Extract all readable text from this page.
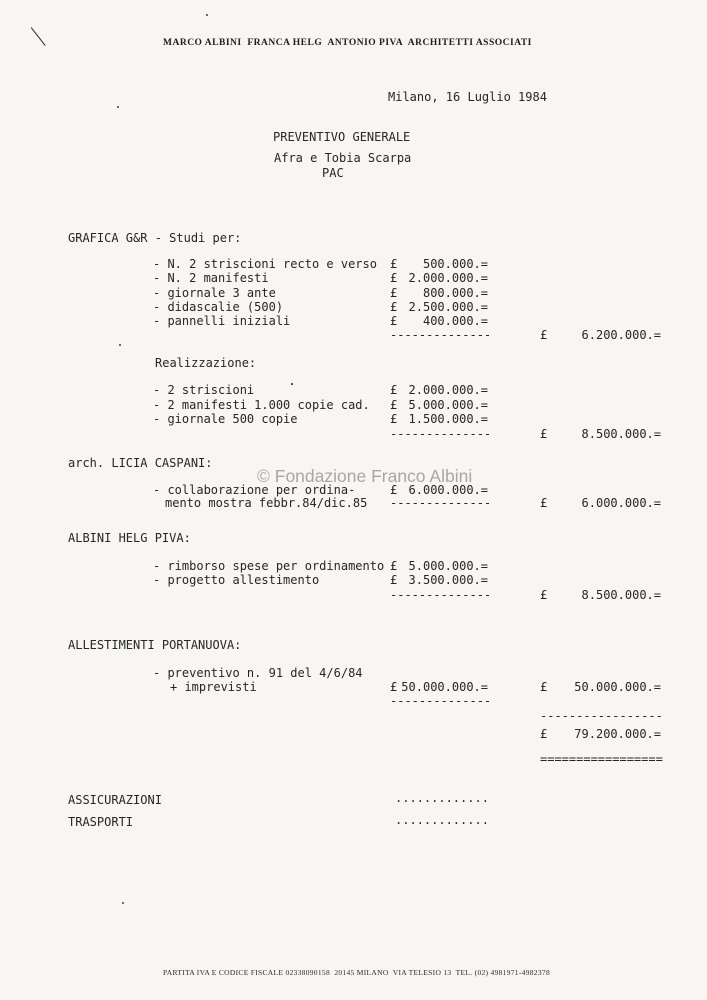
MARCO ALBINI  FRANCA HELG  ANTONIO PIVA  ARCHITETTI ASSOCIATI
Milano, 16 Luglio 1984
PREVENTIVO GENERALE
Afra e Tobia Scarpa
PAC
GRAFICA G&R - Studi per:
- N. 2 striscioni recto e verso £	500.000.=
- N. 2 manifesti	£ 2.000.000.=
- giornale 3 ante	£	800.000.=
- didascalie (500)	£ 2.500.000.=
- pannelli iniziali	£	400.000.=
--------------	£	6.200.000.=
Realizzazione:
- 2 striscioni	£ 2.000.000.=
- 2 manifesti 1.000 copie cad. £ 5.000.000.=
- giornale 500 copie	£ 1.500.000.=
--------------	£	8.500.000.=
arch. LICIA CASPANI:
- collaborazione per ordina-	£ 6.000.000.=
mento mostra febbr.84/dic.85 --------------	£	6.000.000.=
ALBINI HELG PIVA:
- rimborso spese per ordinamento £ 5.000.000.=
- progetto allestimento	£ 3.500.000.=
--------------	£	8.500.000.=
ALLESTIMENTI PORTANUOVA:
- preventivo n. 91 del 4/6/84
+ imprevisti	£ 50.000.000.=	£	50.000.000.=
--------------
-----------------
£	79.200.000.=
=================
ASSICURAZIONI	.............
TRASPORTI	.............
© Fondazione Franco Albini
PARTITA IVA E CODICE FISCALE 02338090158  20145 MILANO  VIA TELESIO 13  TEL. (02) 4981971-4982378
